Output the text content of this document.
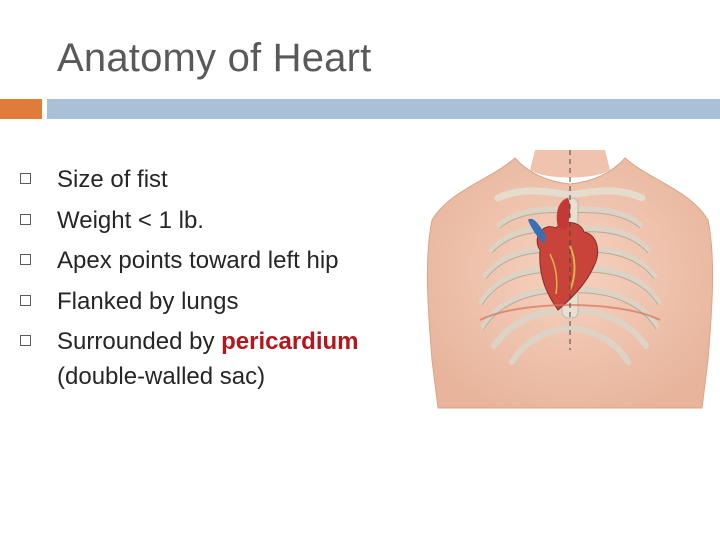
Anatomy of Heart
Size of fist
Weight < 1 lb.
Apex points toward left hip
Flanked by lungs
Surrounded by pericardium
(double-walled sac)
